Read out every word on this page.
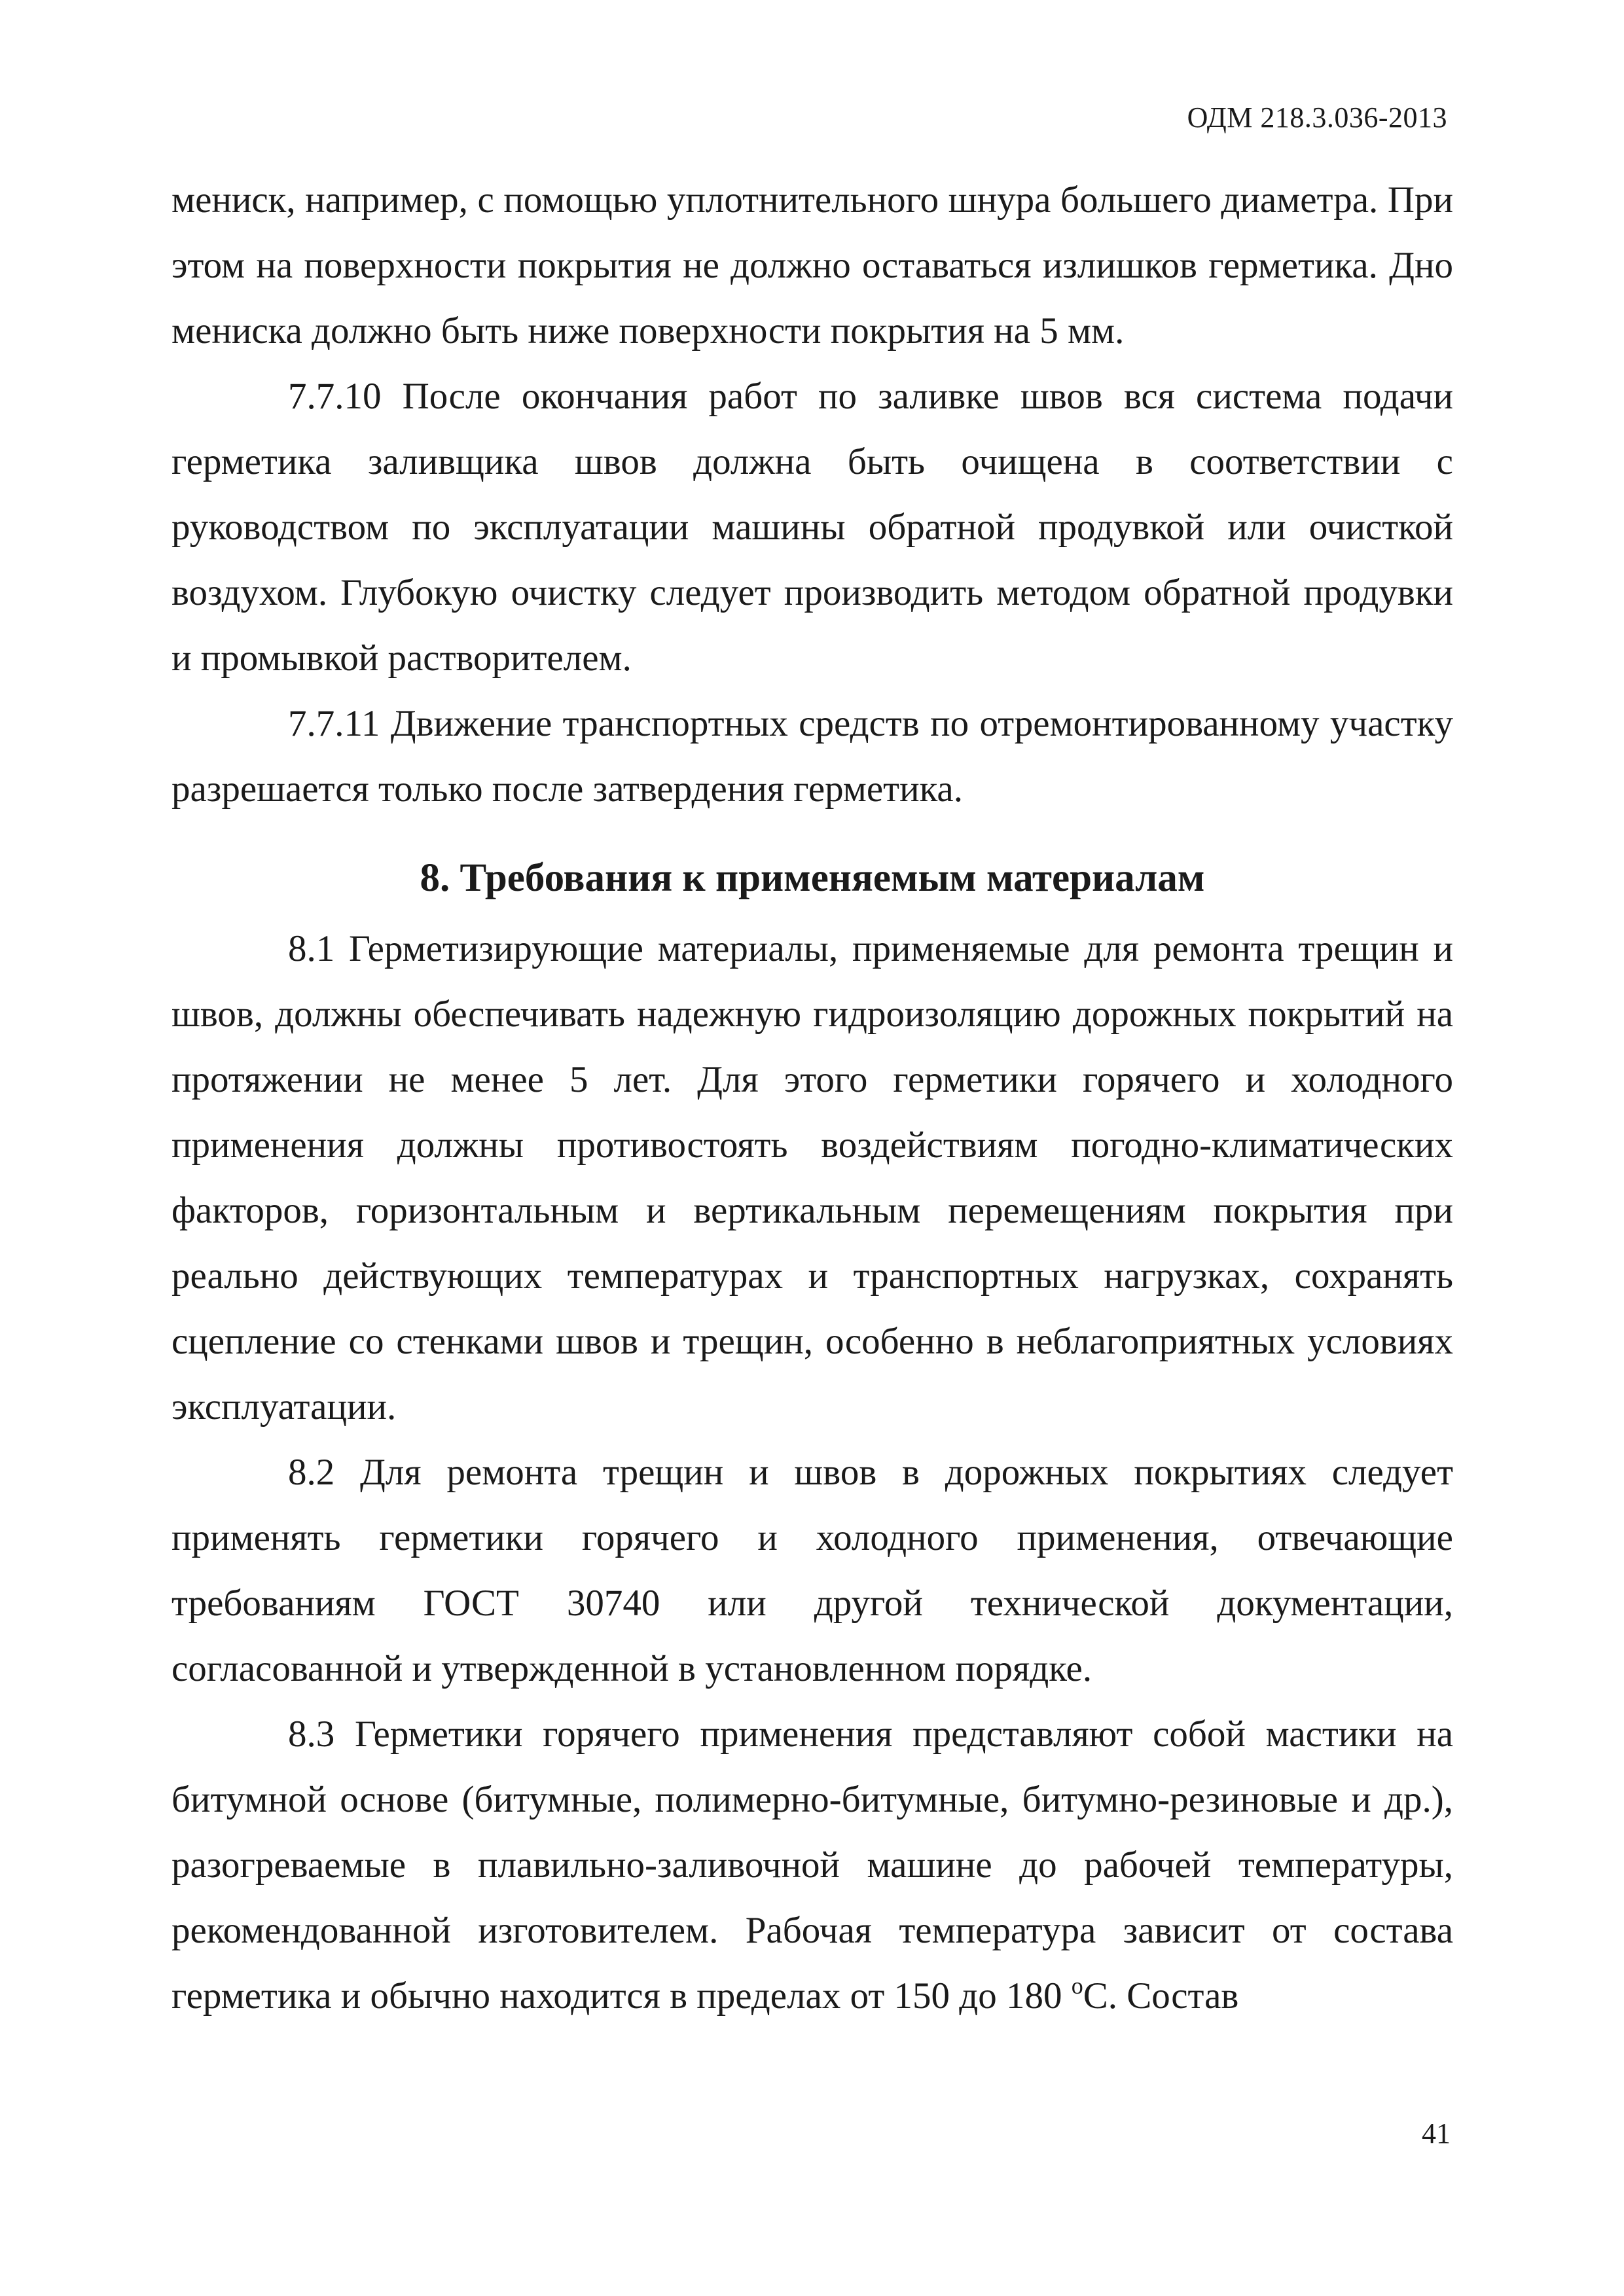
ОДМ 218.3.036-2013

мениск, например, с помощью уплотнительного шнура большего диаметра. При этом на поверхности покрытия не должно оставаться излишков герметика. Дно мениска должно быть ниже поверхности покрытия на 5 мм.

7.7.10 После окончания работ по заливке швов вся система подачи герметика заливщика швов должна быть очищена в соответствии с руководством по эксплуатации машины обратной продувкой или очисткой воздухом. Глубокую очистку следует производить методом обратной продувки и промывкой растворителем.

7.7.11 Движение транспортных средств по отремонтированному участку разрешается только после затвердения герметика.

8. Требования к применяемым материалам

8.1 Герметизирующие материалы, применяемые для ремонта трещин и швов, должны обеспечивать надежную гидроизоляцию дорожных покрытий на протяжении не менее 5 лет. Для этого герметики горячего и холодного применения должны противостоять воздействиям погодно-климатических факторов, горизонтальным и вертикальным перемещениям покрытия при реально действующих температурах и транспортных нагрузках, сохранять сцепление со стенками швов и трещин, особенно в неблагоприятных условиях эксплуатации.

8.2 Для ремонта трещин и швов в дорожных покрытиях следует применять герметики горячего и холодного применения, отвечающие требованиям ГОСТ 30740 или другой технической документации, согласованной и утвержденной в установленном порядке.

8.3 Герметики горячего применения представляют собой мастики на битумной основе (битумные, полимерно-битумные, битумно-резиновые и др.), разогреваемые в плавильно-заливочной машине до рабочей температуры, рекомендованной изготовителем. Рабочая температура зависит от состава герметика и обычно находится в пределах от 150 до 180 $^o$С. Состав

41
